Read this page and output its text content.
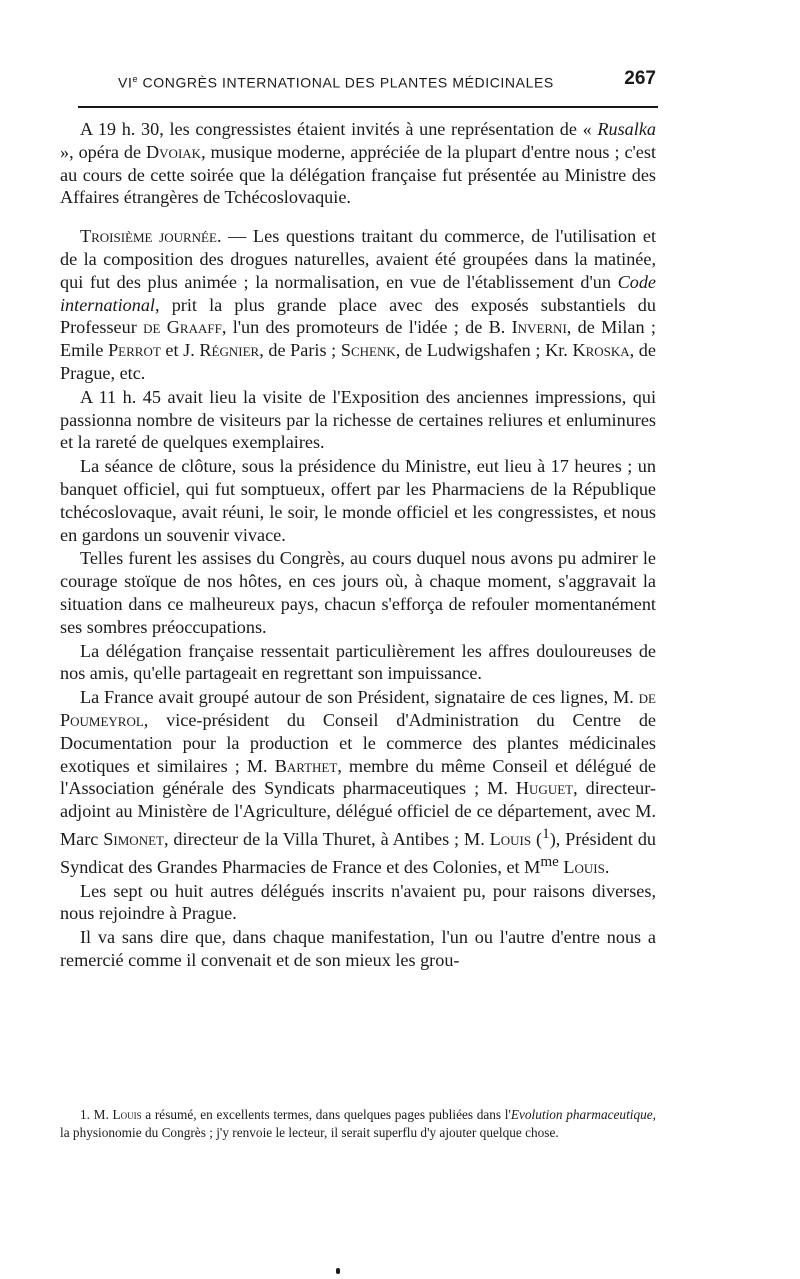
VIe CONGRÈS INTERNATIONAL DES PLANTES MÉDICINALES	267

A 19 h. 30, les congressistes étaient invités à une représentation de « Rusalka », opéra de Dvoiak, musique moderne, appréciée de la plupart d'entre nous ; c'est au cours de cette soirée que la délégation française fut présentée au Ministre des Affaires étrangères de Tchécoslovaquie.

Troisième journée. — Les questions traitant du commerce, de l'utilisation et de la composition des drogues naturelles, avaient été groupées dans la matinée, qui fut des plus animée ; la normalisation, en vue de l'établissement d'un Code international, prit la plus grande place avec des exposés substantiels du Professeur de Graaff, l'un des promoteurs de l'idée ; de B. Inverni, de Milan ; Emile Perrot et J. Régnier, de Paris ; Schenk, de Ludwigshafen ; Kr. Kroska, de Prague, etc.

A 11 h. 45 avait lieu la visite de l'Exposition des anciennes impressions, qui passionna nombre de visiteurs par la richesse de certaines reliures et enluminures et la rareté de quelques exemplaires.

La séance de clôture, sous la présidence du Ministre, eut lieu à 17 heures ; un banquet officiel, qui fut somptueux, offert par les Pharmaciens de la République tchécoslovaque, avait réuni, le soir, le monde officiel et les congressistes, et nous en gardons un souvenir vivace.

Telles furent les assises du Congrès, au cours duquel nous avons pu admirer le courage stoïque de nos hôtes, en ces jours où, à chaque moment, s'aggravait la situation dans ce malheureux pays, chacun s'efforça de refouler momentanément ses sombres préoccupations.

La délégation française ressentait particulièrement les affres douloureuses de nos amis, qu'elle partageait en regrettant son impuissance.

La France avait groupé autour de son Président, signataire de ces lignes, M. de Poumeyrol, vice-président du Conseil d'Administration du Centre de Documentation pour la production et le commerce des plantes médicinales exotiques et similaires ; M. Barthet, membre du même Conseil et délégué de l'Association générale des Syndicats pharmaceutiques ; M. Huguet, directeur-adjoint au Ministère de l'Agriculture, délégué officiel de ce département, avec M. Marc Simonet, directeur de la Villa Thuret, à Antibes ; M. Louis ($^1$), Président du Syndicat des Grandes Pharmacies de France et des Colonies, et $M^{me}$ Louis.

Les sept ou huit autres délégués inscrits n'avaient pu, pour raisons diverses, nous rejoindre à Prague.

Il va sans dire que, dans chaque manifestation, l'un ou l'autre d'entre nous a remercié comme il convenait et de son mieux les grou-

1. M. Louis a résumé, en excellents termes, dans quelques pages publiées dans l'Evolution pharmaceutique, la physionomie du Congrès ; j'y renvoie le lecteur, il serait superflu d'y ajouter quelque chose.
